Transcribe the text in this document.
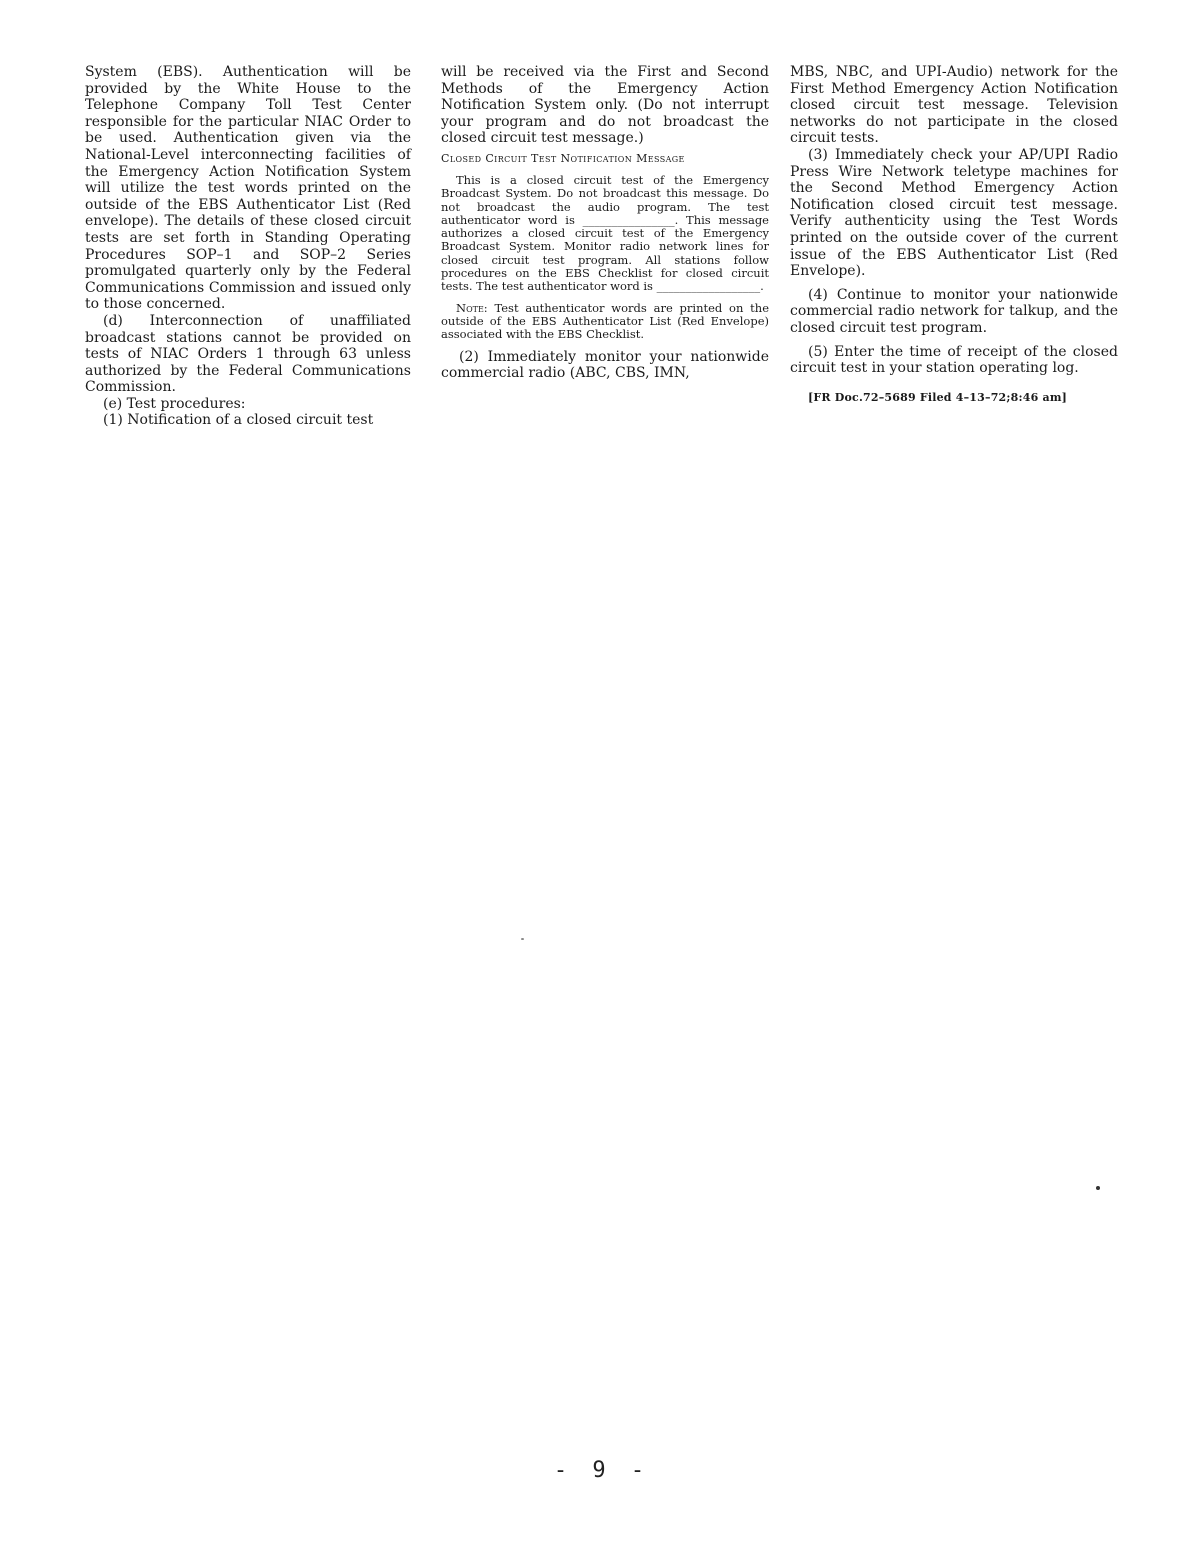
System (EBS). Authentication will be provided by the White House to the Telephone Company Toll Test Center responsible for the particular NIAC Order to be used. Authentication given via the National-Level interconnecting facilities of the Emergency Action Notification System will utilize the test words printed on the outside of the EBS Authenticator List (Red envelope). The details of these closed circuit tests are set forth in Standing Operating Procedures SOP–1 and SOP–2 Series promulgated quarterly only by the Federal Communications Commission and issued only to those concerned.

(d) Interconnection of unaffiliated broadcast stations cannot be provided on tests of NIAC Orders 1 through 63 unless authorized by the Federal Communications Commission.

(e) Test procedures:

(1) Notification of a closed circuit test

will be received via the First and Second Methods of the Emergency Action Notification System only. (Do not interrupt your program and do not broadcast the closed circuit test message.)

Closed Circuit Test Notification Message

This is a closed circuit test of the Emergency Broadcast System. Do not broadcast this message. Do not broadcast the audio program. The test authenticator word is ________________. This message authorizes a closed circuit test of the Emergency Broadcast System. Monitor radio network lines for closed circuit test program. All stations follow procedures on the EBS Checklist for closed circuit tests. The test authenticator word is __________________.

Note: Test authenticator words are printed on the outside of the EBS Authenticator List (Red Envelope) associated with the EBS Checklist.

(2) Immediately monitor your nationwide commercial radio (ABC, CBS, IMN,

MBS, NBC, and UPI-Audio) network for the First Method Emergency Action Notification closed circuit test message. Television networks do not participate in the closed circuit tests.

(3) Immediately check your AP/UPI Radio Press Wire Network teletype machines for the Second Method Emergency Action Notification closed circuit test message. Verify authenticity using the Test Words printed on the outside cover of the current issue of the EBS Authenticator List (Red Envelope).

(4) Continue to monitor your nationwide commercial radio network for talkup, and the closed circuit test program.

(5) Enter the time of receipt of the closed circuit test in your station operating log.

[FR Doc.72–5689 Filed 4–13–72;8:46 am]

- 9 -
